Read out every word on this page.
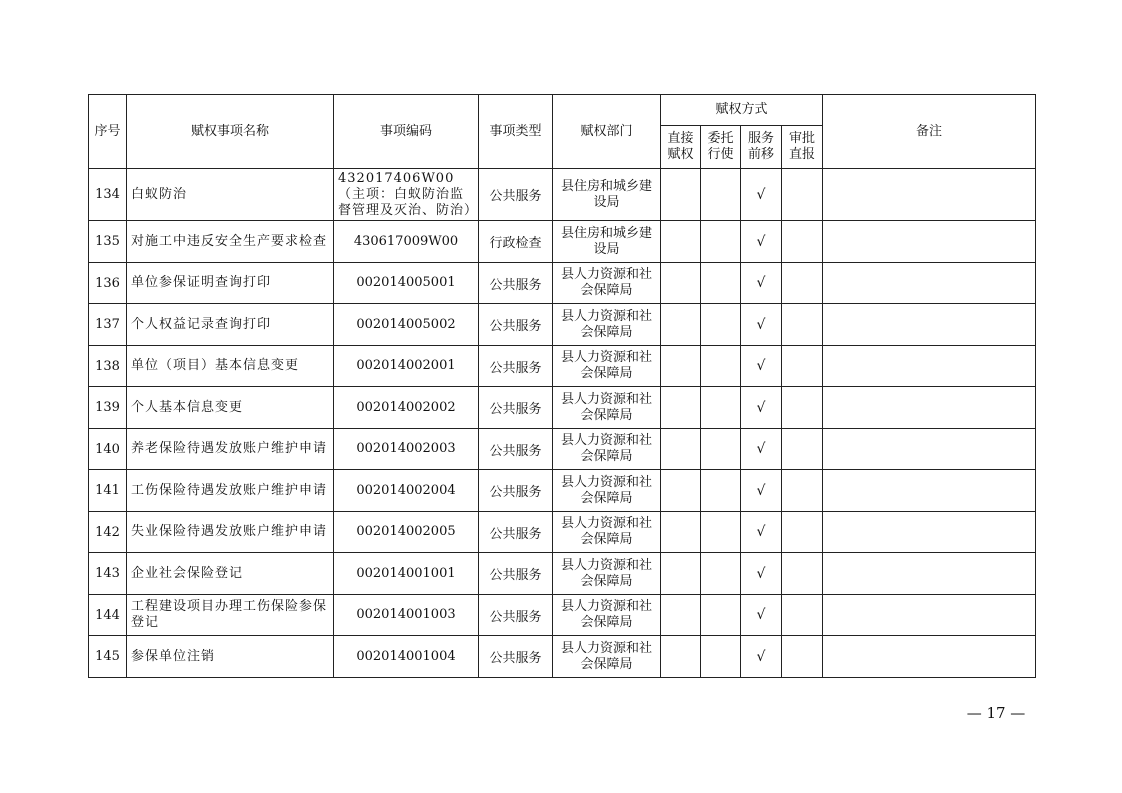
序号	赋权事项名称	事项编码	事项类型	赋权部门	赋权方式				备注
					直接赋权	委托行使	服务前移	审批直报	
134	白蚁防治	432017406W00（主项：白蚁防治监督管理及灭治、防治）	公共服务	县住房和城乡建设局			√		
135	对施工中违反安全生产要求检查	430617009W00	行政检查	县住房和城乡建设局			√		
136	单位参保证明查询打印	002014005001	公共服务	县人力资源和社会保障局			√		
137	个人权益记录查询打印	002014005002	公共服务	县人力资源和社会保障局			√		
138	单位（项目）基本信息变更	002014002001	公共服务	县人力资源和社会保障局			√		
139	个人基本信息变更	002014002002	公共服务	县人力资源和社会保障局			√		
140	养老保险待遇发放账户维护申请	002014002003	公共服务	县人力资源和社会保障局			√		
141	工伤保险待遇发放账户维护申请	002014002004	公共服务	县人力资源和社会保障局			√		
142	失业保险待遇发放账户维护申请	002014002005	公共服务	县人力资源和社会保障局			√		
143	企业社会保险登记	002014001001	公共服务	县人力资源和社会保障局			√		
144	工程建设项目办理工伤保险参保登记	002014001003	公共服务	县人力资源和社会保障局			√		
145	参保单位注销	002014001004	公共服务	县人力资源和社会保障局			√		
— 17 —
